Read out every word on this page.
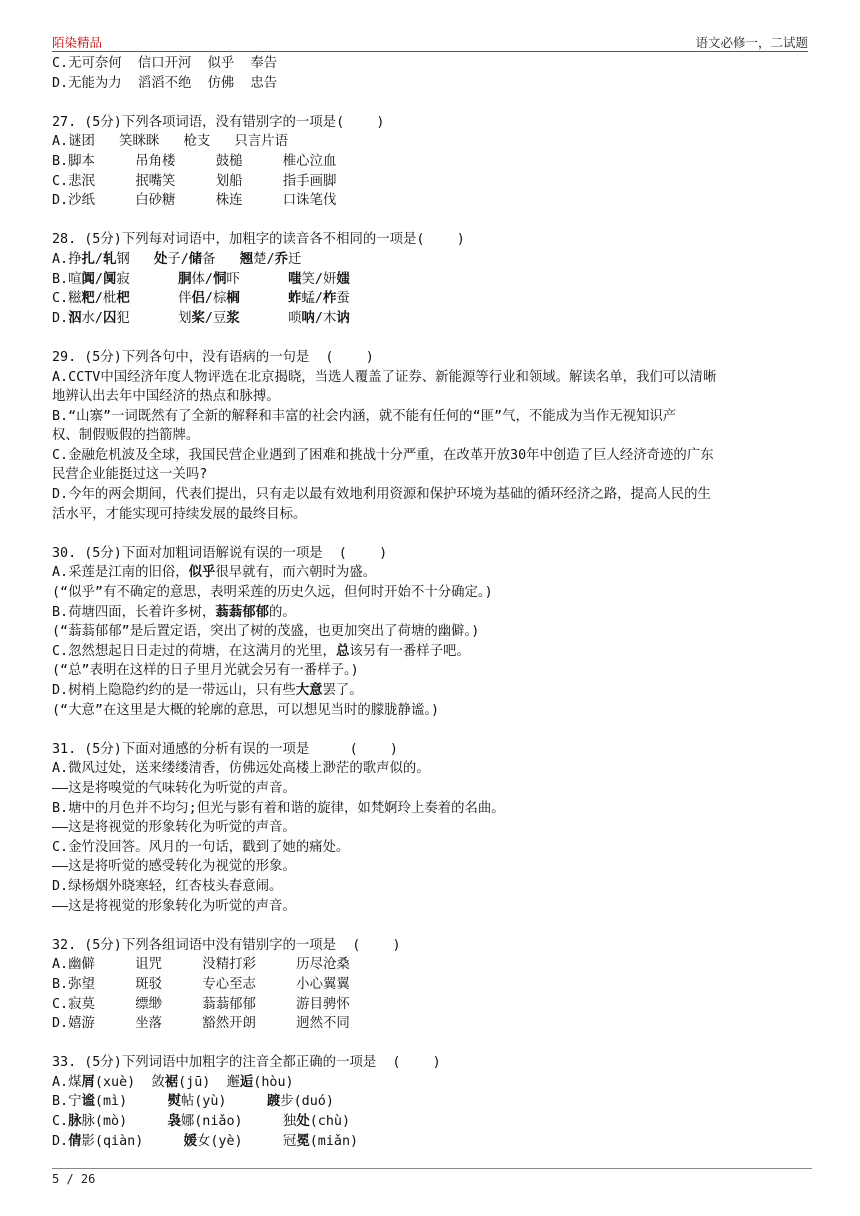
陌染精品	语文必修一，二试题
C.无可奈何  信口开河  似乎  奉告
D.无能为力  滔滔不绝  仿佛  忠告
27. (5分)下列各项词语，没有错别字的一项是(    )
A.谜团   笑眯眯   枪支   只言片语
B.脚本     吊角楼     鼓槌     椎心泣血
C.悲泯     抿嘴笑     划船     指手画脚
D.沙纸     白砂糖     株连     口诛笔伐
28. (5分)下列每对词语中，加粗字的读音各不相同的一项是(    )
A.挣扎/轧钢   处子/储备   翘楚/乔迁
B.喧阗/阒寂      胴体/恫吓      嗤笑/妍媸
C.糍粑/枇杷	伴侣/棕榈	蚱蜢/柞蚕
D.泅水/囚犯      划桨/豆浆      唢呐/木讷
29. (5分)下列各句中，没有语病的一句是  (    )
A.CCTV中国经济年度人物评选在北京揭晓，当选人覆盖了证券、新能源等行业和领域。解读名单，我们可以清晰
地辨认出去年中国经济的热点和脉搏。
B.“山寨”一词既然有了全新的解释和丰富的社会内涵，就不能有任何的“匪”气，不能成为当作无视知识产
权、制假贩假的挡箭牌。
C.金融危机波及全球，我国民营企业遇到了困难和挑战十分严重，在改革开放30年中创造了巨人经济奇迹的广东
民营企业能挺过这一关吗?
D.今年的两会期间，代表们提出，只有走以最有效地利用资源和保护环境为基础的循环经济之路，提高人民的生
活水平，才能实现可持续发展的最终目标。
30. (5分)下面对加粗词语解说有误的一项是  (    )
A.采莲是江南的旧俗，似乎很早就有，而六朝时为盛。
(“似乎”有不确定的意思，表明采莲的历史久远，但何时开始不十分确定。)
B.荷塘四面，长着许多树，蓊蓊郁郁的。
(“蓊蓊郁郁”是后置定语，突出了树的茂盛，也更加突出了荷塘的幽僻。)
C.忽然想起日日走过的荷塘，在这满月的光里，总该另有一番样子吧。
(“总”表明在这样的日子里月光就会另有一番样子。)
D.树梢上隐隐约约的是一带远山，只有些大意罢了。
(“大意”在这里是大概的轮廓的意思，可以想见当时的朦胧静谧。)
31. (5分)下面对通感的分析有误的一项是     (    )
A.微风过处，送来缕缕清香，仿佛远处高楼上渺茫的歌声似的。
——这是将嗅觉的气味转化为听觉的声音。
B.塘中的月色并不均匀;但光与影有着和谐的旋律，如梵婀玲上奏着的名曲。
——这是将视觉的形象转化为听觉的声音。
C.金竹没回答。风月的一句话，戳到了她的痛处。
——这是将听觉的感受转化为视觉的形象。
D.绿杨烟外晓寒轻，红杏枝头春意闹。
——这是将视觉的形象转化为听觉的声音。
32. (5分)下列各组词语中没有错别字的一项是  (    )
A.幽僻     诅咒     没精打彩     历尽沧桑
B.弥望     斑驳     专心至志     小心翼翼
C.寂莫     缥缈     蓊蓊郁郁     游目骋怀
D.嬉游     坐落     豁然开朗     迥然不同
33. (5分)下列词语中加粗字的注音全都正确的一项是  (    )
A.煤屑(xuè)  敛裾(jū)  邂逅(hòu)
B.宁谧(mì)     熨帖(yù)     踱步(duó)
C.脉脉(mò)     袅娜(niǎo)     独处(chù)
D.倩影(qiàn)     媛女(yè)     冠冕(miǎn)
5 / 26
